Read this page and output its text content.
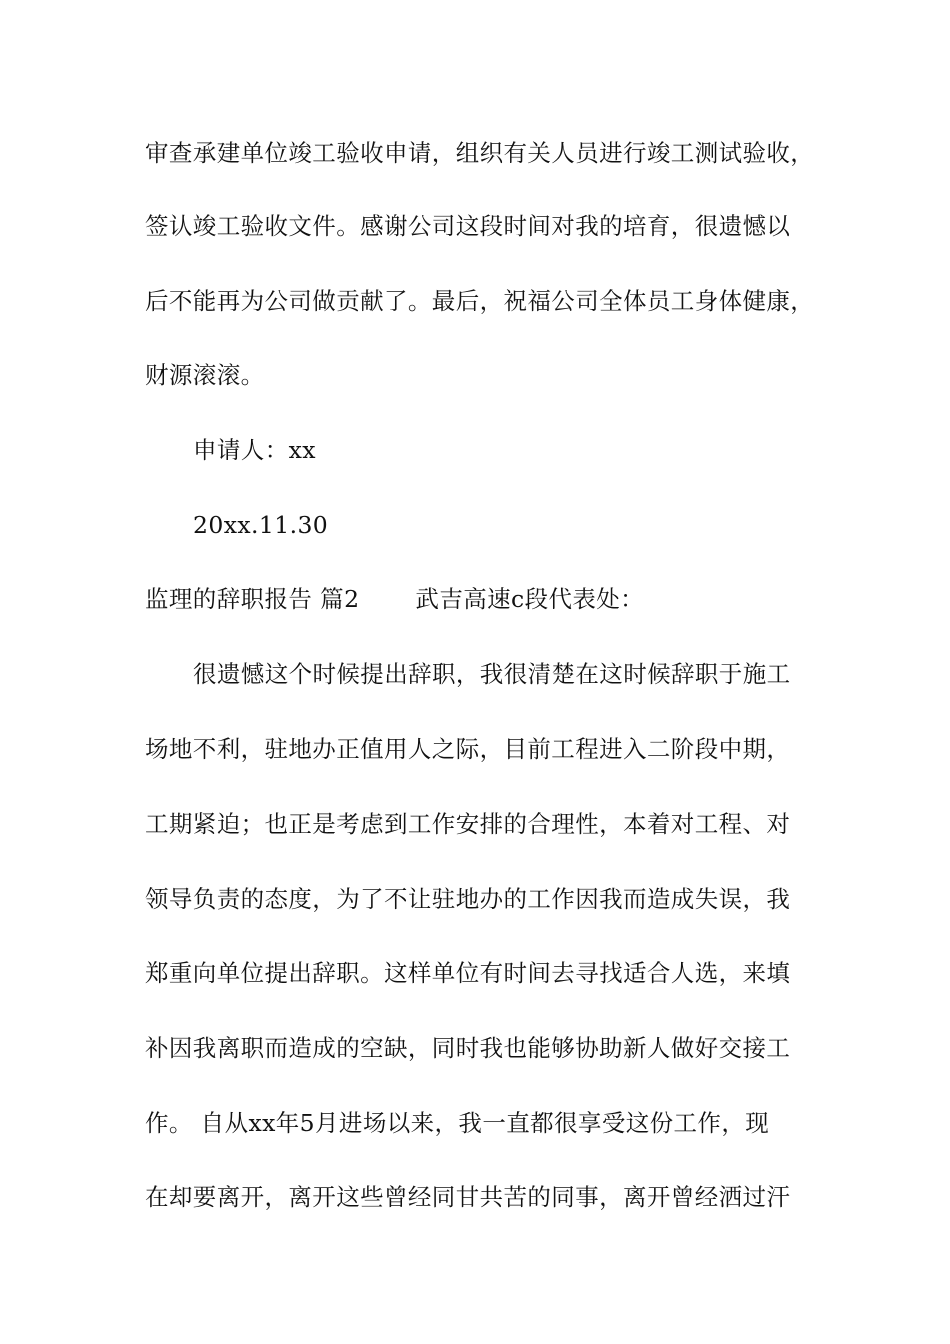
审查承建单位竣工验收申请，组织有关人员进行竣工测试验收，
签认竣工验收文件。感谢公司这段时间对我的培育，很遗憾以
后不能再为公司做贡献了。最后，祝福公司全体员工身体健康，
财源滚滚。
申请人：xx
20xx.11.30
监理的辞职报告 篇2 武吉高速c段代表处：
很遗憾这个时候提出辞职，我很清楚在这时候辞职于施工
场地不利，驻地办正值用人之际，目前工程进入二阶段中期，
工期紧迫；也正是考虑到工作安排的合理性，本着对工程、对
领导负责的态度，为了不让驻地办的工作因我而造成失误，我
郑重向单位提出辞职。这样单位有时间去寻找适合人选，来填
补因我离职而造成的空缺，同时我也能够协助新人做好交接工
作。 自从xx年5月进场以来，我一直都很享受这份工作，现
在却要离开，离开这些曾经同甘共苦的同事，离开曾经洒过汗
